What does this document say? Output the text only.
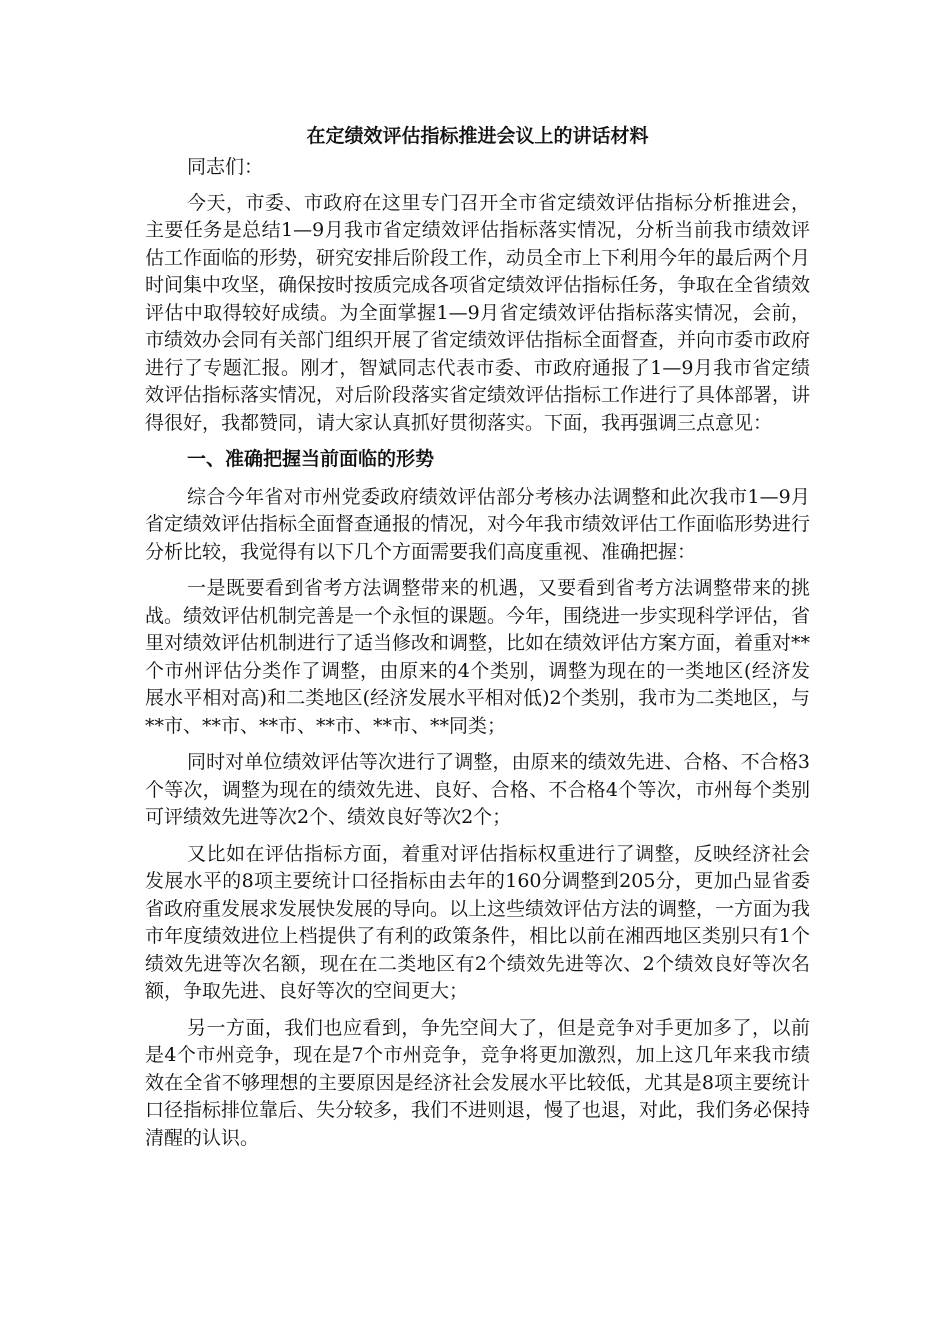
在定绩效评估指标推进会议上的讲话材料

同志们：

今天，市委、市政府在这里专门召开全市省定绩效评估指标分析推进会，主要任务是总结1—9月我市省定绩效评估指标落实情况，分析当前我市绩效评估工作面临的形势，研究安排后阶段工作，动员全市上下利用今年的最后两个月时间集中攻坚，确保按时按质完成各项省定绩效评估指标任务，争取在全省绩效评估中取得较好成绩。为全面掌握1—9月省定绩效评估指标落实情况，会前，市绩效办会同有关部门组织开展了省定绩效评估指标全面督查，并向市委市政府进行了专题汇报。刚才，智斌同志代表市委、市政府通报了1—9月我市省定绩效评估指标落实情况，对后阶段落实省定绩效评估指标工作进行了具体部署，讲得很好，我都赞同，请大家认真抓好贯彻落实。下面，我再强调三点意见：

一、准确把握当前面临的形势

综合今年省对市州党委政府绩效评估部分考核办法调整和此次我市1—9月省定绩效评估指标全面督查通报的情况，对今年我市绩效评估工作面临形势进行分析比较，我觉得有以下几个方面需要我们高度重视、准确把握：

一是既要看到省考方法调整带来的机遇，又要看到省考方法调整带来的挑战。绩效评估机制完善是一个永恒的课题。今年，围绕进一步实现科学评估，省里对绩效评估机制进行了适当修改和调整，比如在绩效评估方案方面，着重对**个市州评估分类作了调整，由原来的4个类别，调整为现在的一类地区(经济发展水平相对高)和二类地区(经济发展水平相对低)2个类别，我市为二类地区，与**市、**市、**市、**市、**市、**同类；

同时对单位绩效评估等次进行了调整，由原来的绩效先进、合格、不合格3个等次，调整为现在的绩效先进、良好、合格、不合格4个等次，市州每个类别可评绩效先进等次2个、绩效良好等次2个；

又比如在评估指标方面，着重对评估指标权重进行了调整，反映经济社会发展水平的8项主要统计口径指标由去年的160分调整到205分，更加凸显省委省政府重发展求发展快发展的导向。以上这些绩效评估方法的调整，一方面为我市年度绩效进位上档提供了有利的政策条件，相比以前在湘西地区类别只有1个绩效先进等次名额，现在在二类地区有2个绩效先进等次、2个绩效良好等次名额，争取先进、良好等次的空间更大；

另一方面，我们也应看到，争先空间大了，但是竞争对手更加多了，以前是4个市州竞争，现在是7个市州竞争，竞争将更加激烈，加上这几年来我市绩效在全省不够理想的主要原因是经济社会发展水平比较低，尤其是8项主要统计口径指标排位靠后、失分较多，我们不进则退，慢了也退，对此，我们务必保持清醒的认识。
